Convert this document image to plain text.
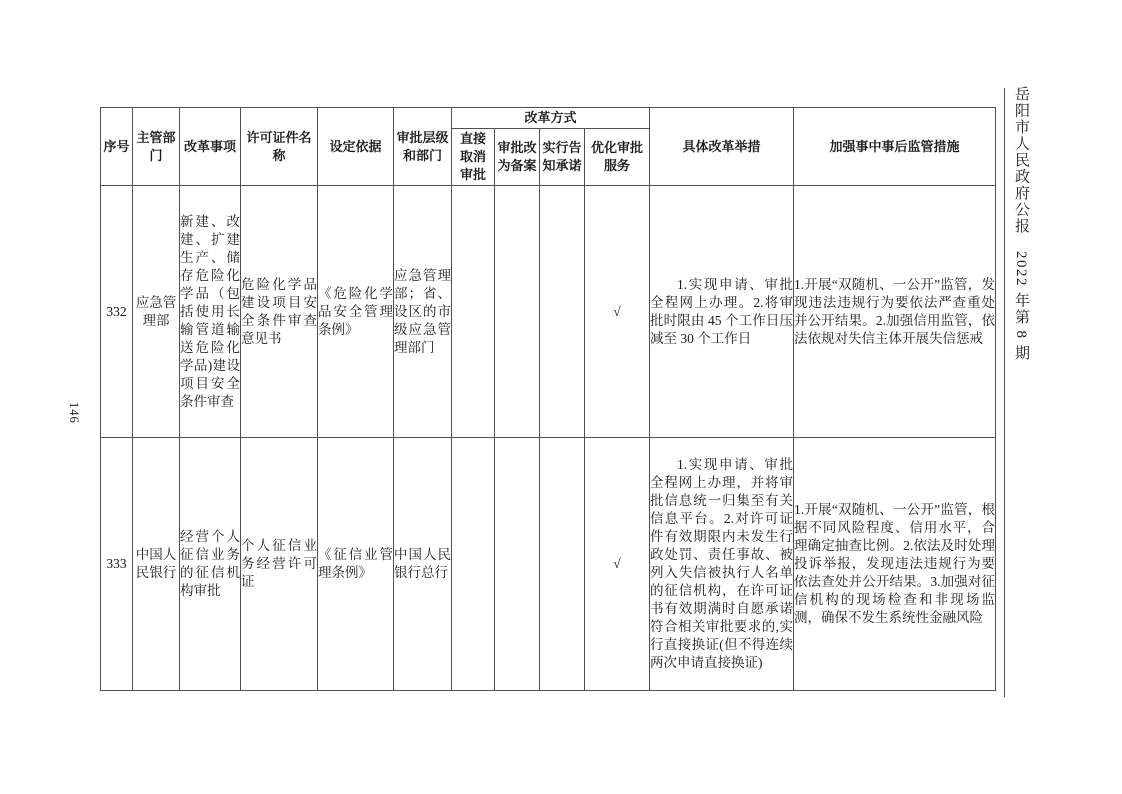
146
岳阳市人民政府公报　2022 年第 8 期
序号	主管部门	改革事项	许可证件名称	设定依据	审批层级和部门	改革方式				具体改革举措	加强事中事后监管措施
						直接取消审批	审批改为备案	实行告知承诺	优化审批服务		
332	应急管理部	新建、改建、扩建生产、储存危险化学品（包括使用长输管道输送危险化学品)建设项目安全条件审查	危险化学品建设项目安全条件审查意见书	《危险化学品安全管理条例》	应急管理部；省、设区的市级应急管理部门				√	1.实现申请、审批全程网上办理。2.将审批时限由 45 个工作日压减至 30 个工作日	1.开展“双随机、一公开”监管，发现违法违规行为要依法严查重处并公开结果。2.加强信用监管，依法依规对失信主体开展失信惩戒
333	中国人民银行	经营个人征信业务的征信机构审批	个人征信业务经营许可证	《征信业管理条例》	中国人民银行总行				√	1.实现申请、审批全程网上办理，并将审批信息统一归集至有关信息平台。2.对许可证件有效期限内未发生行政处罚、责任事故、被列入失信被执行人名单的征信机构，在许可证书有效期满时自愿承诺符合相关审批要求的,实行直接换证(但不得连续两次申请直接换证)	1.开展“双随机、一公开”监管，根据不同风险程度、信用水平，合理确定抽查比例。2.依法及时处理投诉举报，发现违法违规行为要依法查处并公开结果。3.加强对征信机构的现场检查和非现场监测，确保不发生系统性金融风险
